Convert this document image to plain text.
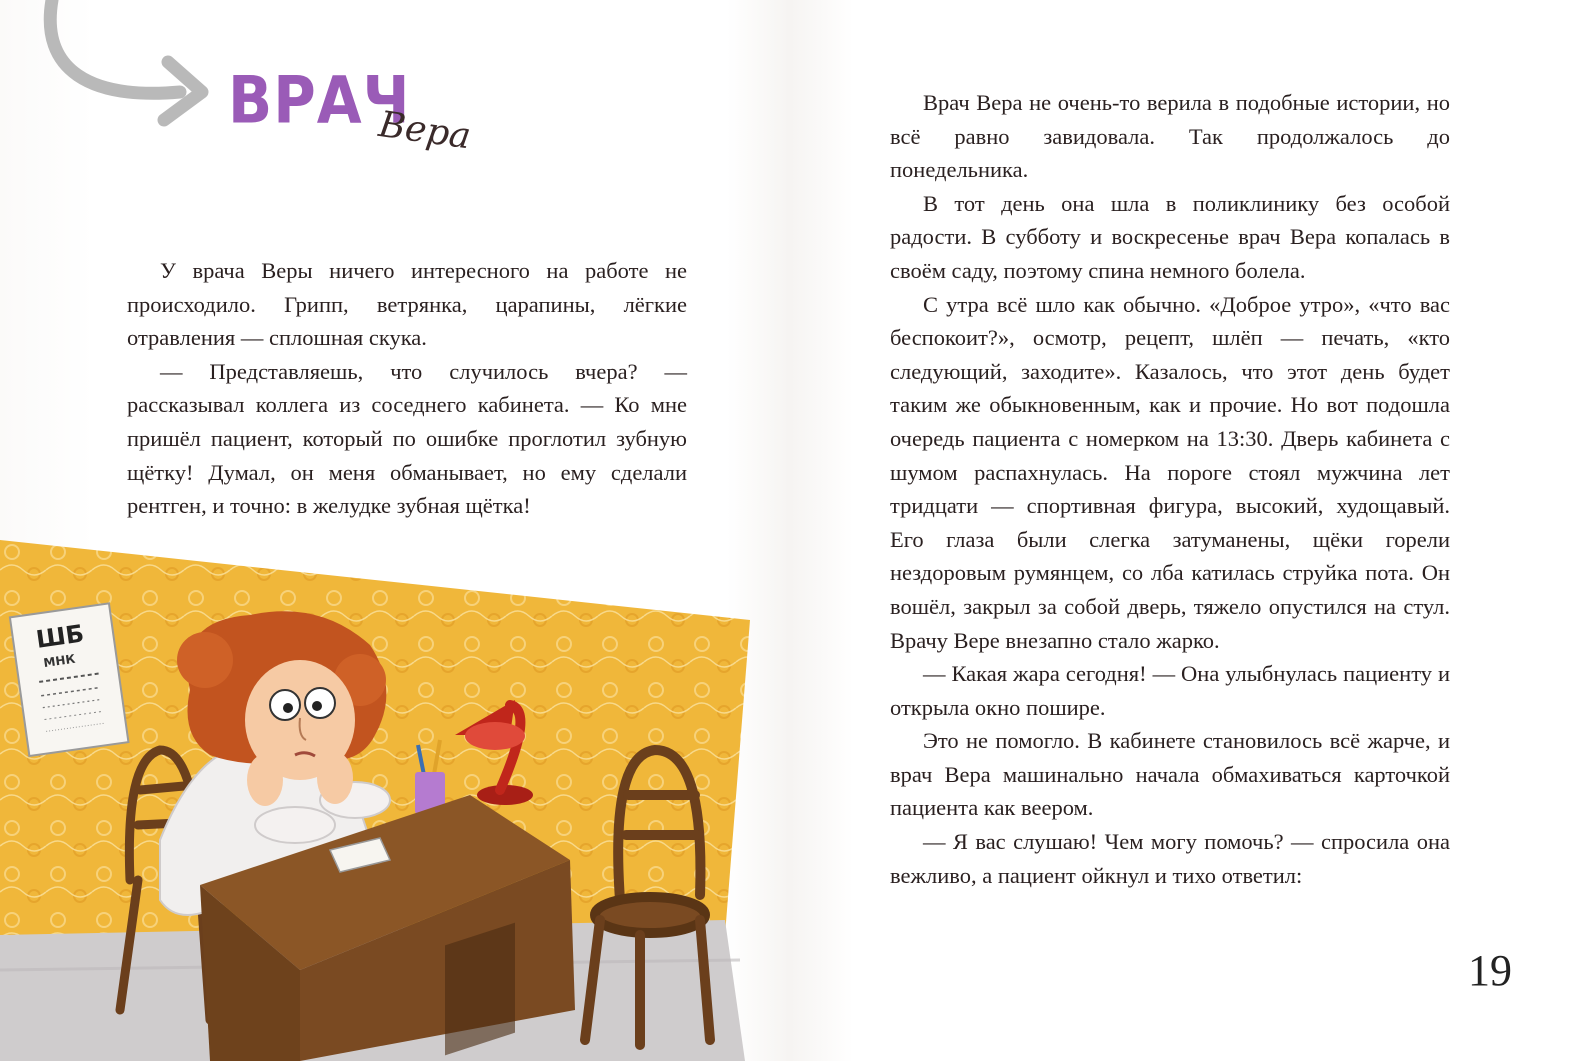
ВРАЧ
Вера

У врача Веры ничего интересного на работе не происходило. Грипп, ветрянка, царапины, лёгкие отравления — сплошная скука.

— Представляешь, что случилось вчера? — рассказывал коллега из соседнего кабинета. — Ко мне пришёл пациент, который по ошибке проглотил зубную щётку! Думал, он меня обманывает, но ему сделали рентген, и точно: в желудке зубная щётка!

Врач Вера не очень-то верила в подобные истории, но всё равно завидовала. Так продолжалось до понедельника.

В тот день она шла в поликлинику без особой радости. В субботу и воскресенье врач Вера копалась в своём саду, поэтому спина немного болела.

С утра всё шло как обычно. «Доброе утро», «что вас беспокоит?», осмотр, рецепт, шлёп — печать, «кто следующий, заходите». Казалось, что этот день будет таким же обыкновенным, как и прочие. Но вот подошла очередь пациента с номерком на 13:30. Дверь кабинета с шумом распахнулась. На пороге стоял мужчина лет тридцати — спортивная фигура, высокий, худощавый. Его глаза были слегка затуманены, щёки горели нездоровым румянцем, со лба катилась струйка пота. Он вошёл, закрыл за собой дверь, тяжело опустился на стул. Врачу Вере внезапно стало жарко.

— Какая жара сегодня! — Она улыбнулась пациенту и открыла окно пошире.

Это не помогло. В кабинете становилось всё жарче, и врач Вера машинально начала обмахиваться карточкой пациента как веером.

— Я вас слушаю! Чем могу помочь? — спросила она вежливо, а пациент ойкнул и тихо ответил:

19
ШБ
МНК
